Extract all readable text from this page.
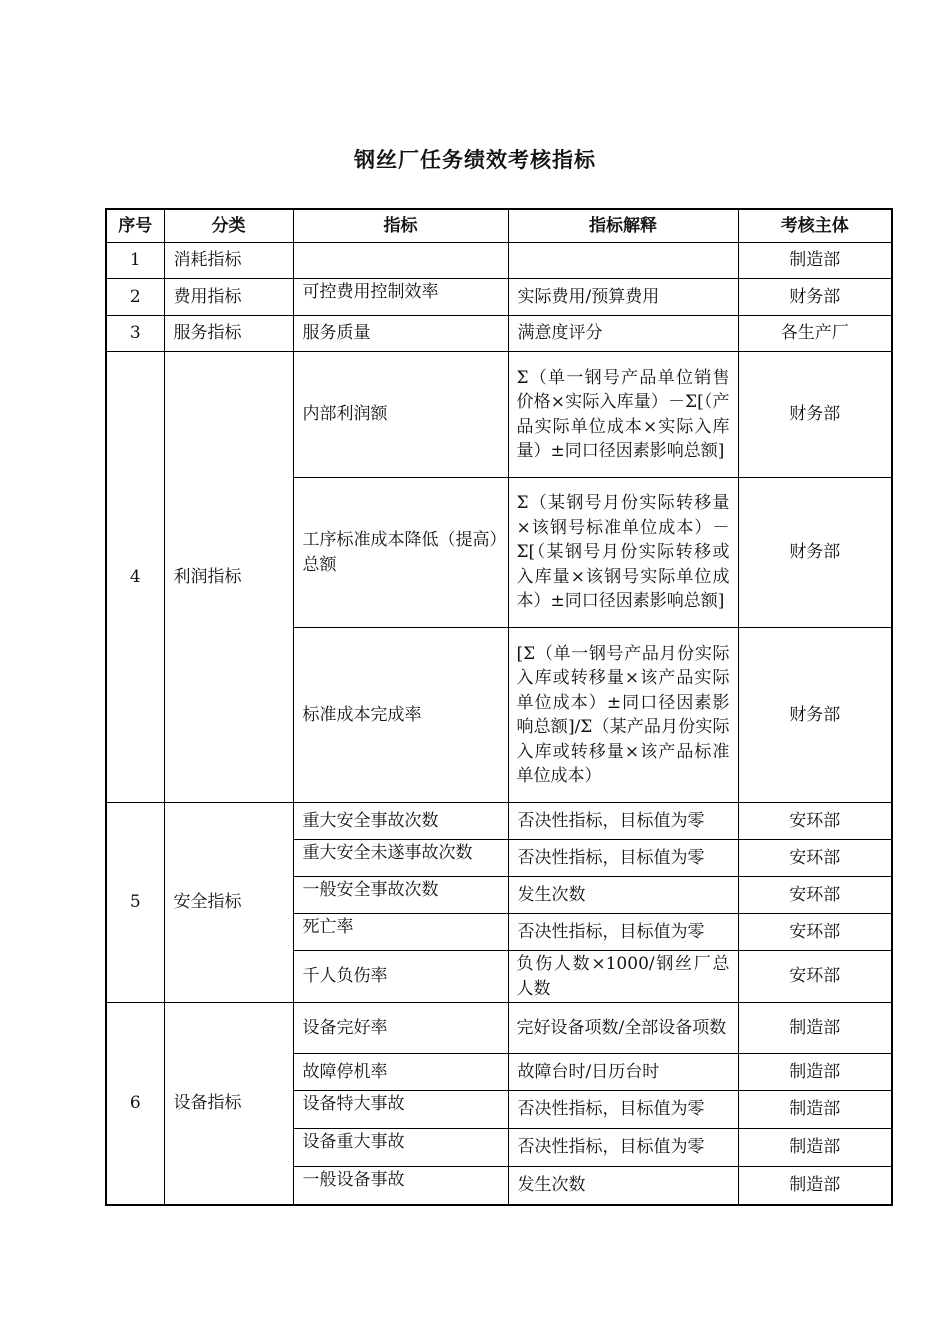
钢丝厂任务绩效考核指标
序号	分类	指标	指标解释	考核主体
1	消耗指标			制造部
2	费用指标	可控费用控制效率	实际费用/预算费用	财务部
3	服务指标	服务质量	满意度评分	各生产厂
4	利润指标	内部利润额	Σ（单一钢号产品单位销售价格×实际入库量）－Σ[（产品实际单位成本×实际入库量）±同口径因素影响总额]	财务部
		工序标准成本降低（提高）总额	Σ（某钢号月份实际转移量×该钢号标准单位成本）－Σ[（某钢号月份实际转移或入库量×该钢号实际单位成本）±同口径因素影响总额]	财务部
		标准成本完成率	[Σ（单一钢号产品月份实际入库或转移量×该产品实际单位成本）±同口径因素影响总额]/Σ（某产品月份实际入库或转移量×该产品标准单位成本）	财务部
5	安全指标	重大安全事故次数	否决性指标，目标值为零	安环部
		重大安全未遂事故次数	否决性指标，目标值为零	安环部
		一般安全事故次数	发生次数	安环部
		死亡率	否决性指标，目标值为零	安环部
		千人负伤率	负伤人数×1000/钢丝厂总人数	安环部
6	设备指标	设备完好率	完好设备项数/全部设备项数	制造部
		故障停机率	故障台时/日历台时	制造部
		设备特大事故	否决性指标，目标值为零	制造部
		设备重大事故	否决性指标，目标值为零	制造部
		一般设备事故	发生次数	制造部
